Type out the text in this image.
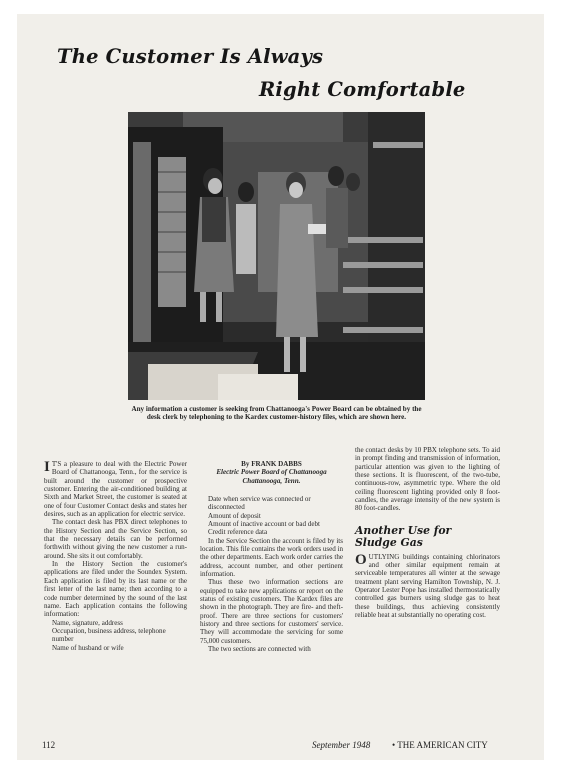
The Customer Is Always
Right Comfortable
Any information a customer is seeking from Chattanooga's Power Board can be obtained by the desk clerk by telephoning to the Kardex customer-history files, which are shown here.

I T'S a pleasure to deal with the Electric Power Board of Chattanooga, Tenn., for the service is built around the customer or prospective customer. Entering the air-conditioned building at Sixth and Market Street, the customer is seated at one of four Customer Contact desks and states her desires, such as an application for electric service.

The contact desk has PBX direct telephones to the History Section and the Service Section, so that the necessary details can be performed forthwith without giving the new customer a run-around. She sits it out comfortably.

In the History Section the customer's applications are filed under the Soundex System. Each application is filed by its last name or the first letter of the last name; then according to a code number determined by the sound of the last name. Each application contains the following information:

Name, signature, address

Occupation, business address, telephone number

Name of husband or wife

By FRANK DABBS

Electric Power Board of Chattanooga

Chattanooga, Tenn.

Date when service was connected or disconnected

Amount of deposit

Amount of inactive account or bad debt

Credit reference data

In the Service Section the account is filed by its location. This file contains the work orders used in the other departments. Each work order carries the address, account number, and other pertinent information.

Thus these two information sections are equipped to take new applications or report on the status of existing customers. The Kardex files are shown in the photograph. They are fire- and theft-proof. There are three sections for customers' history and three sections for customers' service. They will accommodate the servicing for some 75,000 customers.

The two sections are connected with

the contact desks by 10 PBX telephone sets. To aid in prompt finding and transmission of information, particular attention was given to the lighting of these sections. It is fluorescent, of the two-tube, continuous-row, asymmetric type. Where the old ceiling fluorescent lighting provided only 8 foot-candles, the average intensity of the new system is 80 foot-candles.

Another Use for
Sludge Gas

OUTLYING buildings containing chlorinators and other similar equipment remain at serviceable temperatures all winter at the sewage treatment plant serving Hamilton Township, N. J. Operator Lester Pope has installed thermostatically controlled gas burners using sludge gas to heat these buildings, thus achieving consistently reliable heat at substantially no operating cost.

112	September 1948 • THE AMERICAN CITY
